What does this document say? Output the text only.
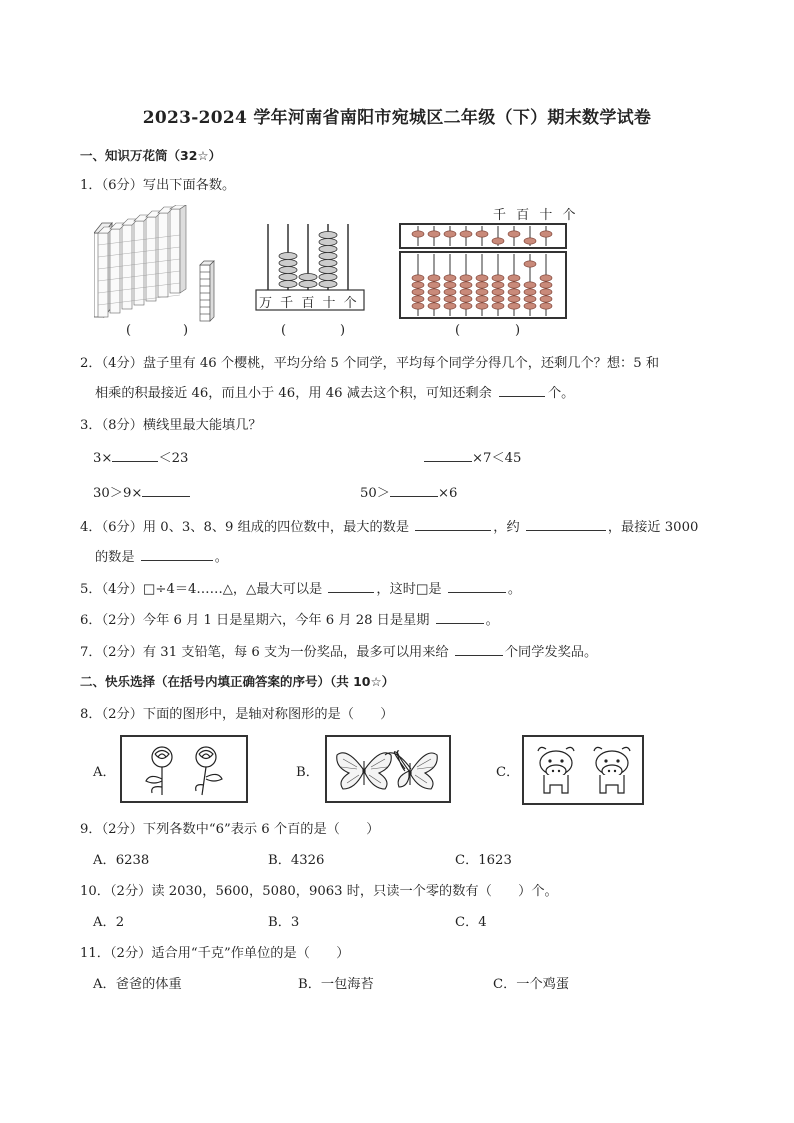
2023-2024 学年河南省南阳市宛城区二年级（下）期末数学试卷
一、知识万花筒（32☆）
1．（6分）写出下面各数。
(	)
万 千 百 十 个
(	)
千 百 十 个
(	)
2．（4分）盘子里有 46 个樱桃，平均分给 5 个同学，平均每个同学分得几个，还剩几个？想：5 和
相乘的积最接近 46，而且小于 46，用 46 减去这个积，可知还剩余	个。
3．（8分）横线里最大能填几？
3×	＜23	×7＜45
30＞9×	50＞	×6
4．（6分）用 0、3、8、9 组成的四位数中，最大的数是	，约	，最接近 3000
的数是	。
5．（4分）□÷4＝4……△，△最大可以是	，这时□是	。
6．（2分）今年 6 月 1 日是星期六，今年 6 月 28 日是星期	。
7．（2分）有 31 支铅笔，每 6 支为一份奖品，最多可以用来给	个同学发奖品。
二、快乐选择（在括号内填正确答案的序号）（共 10☆）
8．（2分）下面的图形中，是轴对称图形的是（　　）
A．	B．	C．
9．（2分）下列各数中“6”表示 6 个百的是（　　）
A．6238	B．4326	C．1623
10．（2分）读 2030，5600，5080，9063 时，只读一个零的数有（　　）个。
A．2	B．3	C．4
11．（2分）适合用“千克”作单位的是（　　）
A．爸爸的体重	B．一包海苔	C．一个鸡蛋
